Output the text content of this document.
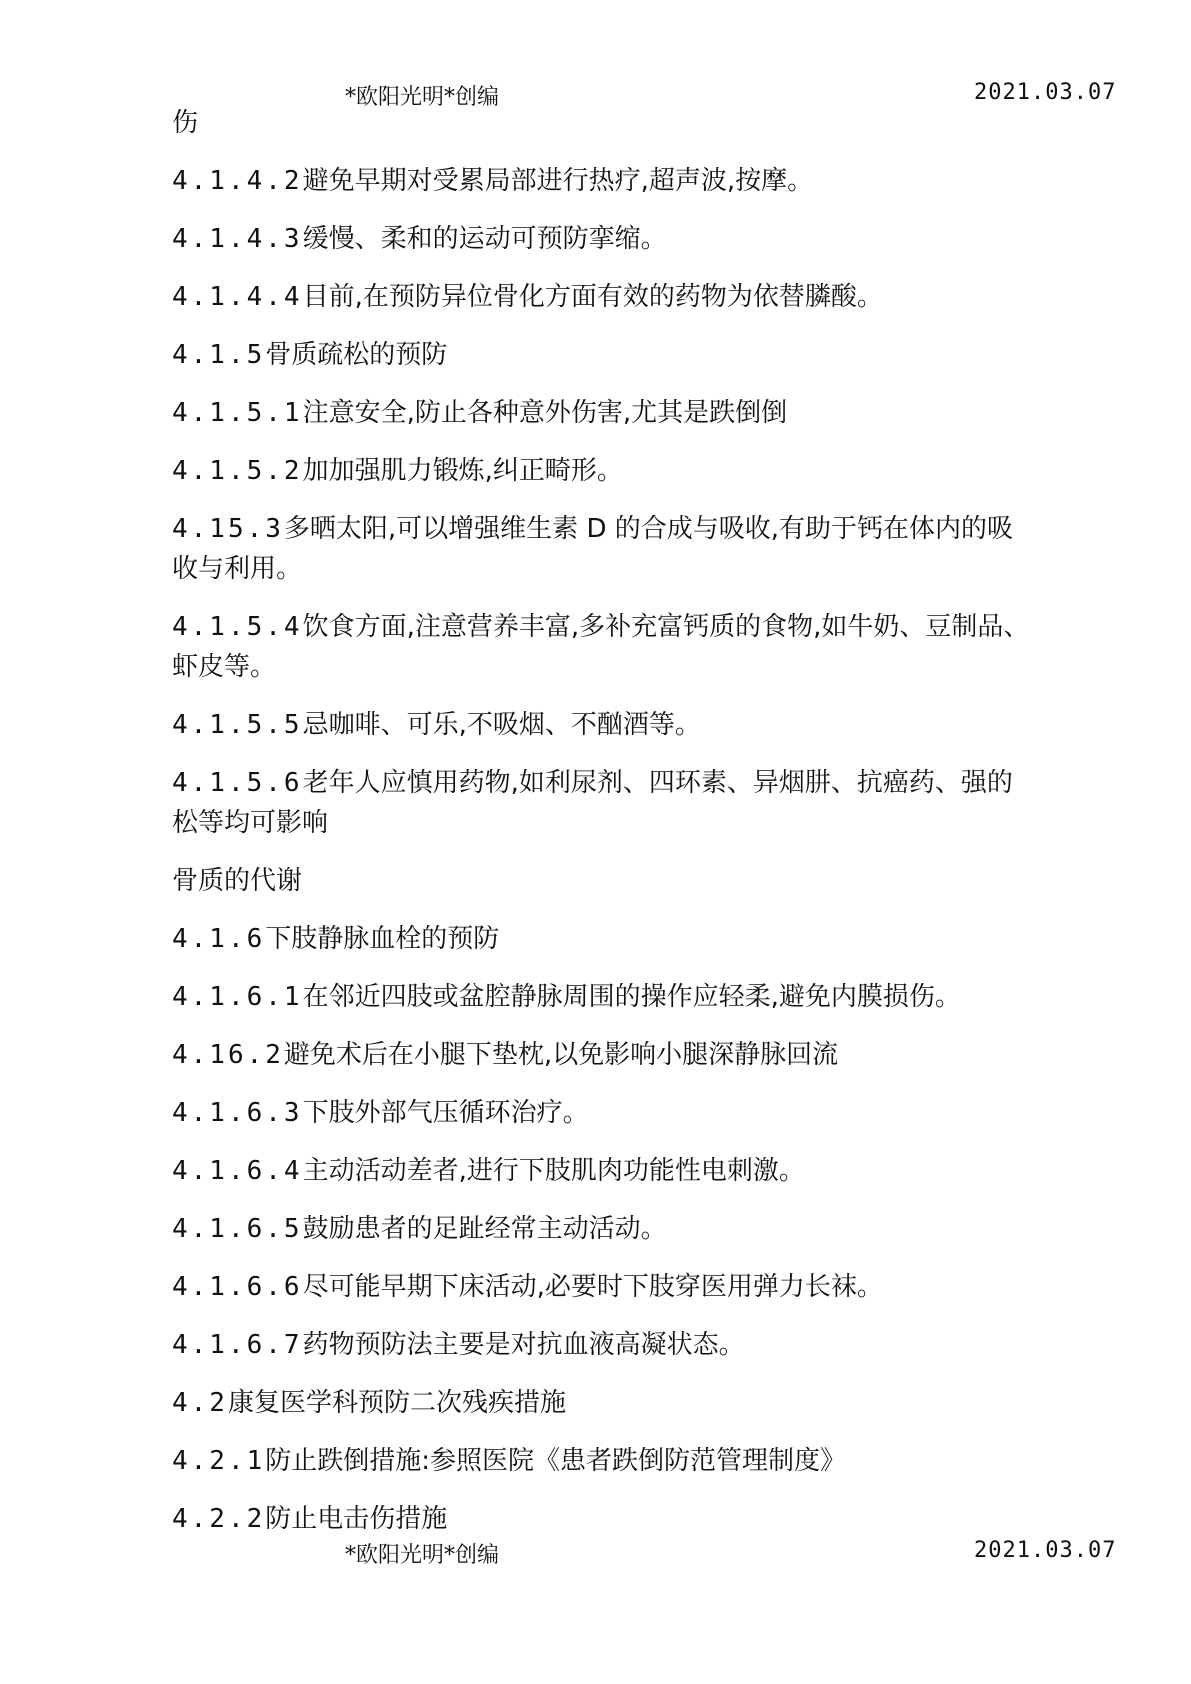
*欧阳光明*创编	2021.03.07
伤
4.1.4.2避免早期对受累局部进行热疗,超声波,按摩。
4.1.4.3缓慢、柔和的运动可预防挛缩。
4.1.4.4目前,在预防异位骨化方面有效的药物为依替膦酸。
4.1.5骨质疏松的预防
4.1.5.1注意安全,防止各种意外伤害,尤其是跌倒倒
4.1.5.2加加强肌力锻炼,纠正畸形。
4.15.3多晒太阳,可以增强维生素 D 的合成与吸收,有助于钙在体内的吸收与利用。
4.1.5.4饮食方面,注意营养丰富,多补充富钙质的食物,如牛奶、豆制品、虾皮等。
4.1.5.5忌咖啡、可乐,不吸烟、不酗酒等。
4.1.5.6老年人应慎用药物,如利尿剂、四环素、异烟肼、抗癌药、强的松等均可影响
骨质的代谢
4.1.6下肢静脉血栓的预防
4.1.6.1在邻近四肢或盆腔静脉周围的操作应轻柔,避免内膜损伤。
4.16.2避免术后在小腿下垫枕,以免影响小腿深静脉回流
4.1.6.3下肢外部气压循环治疗。
4.1.6.4主动活动差者,进行下肢肌肉功能性电刺激。
4.1.6.5鼓励患者的足趾经常主动活动。
4.1.6.6尽可能早期下床活动,必要时下肢穿医用弹力长袜。
4.1.6.7药物预防法主要是对抗血液高凝状态。
4.2康复医学科预防二次残疾措施
4.2.1防止跌倒措施:参照医院《患者跌倒防范管理制度》
4.2.2防止电击伤措施
*欧阳光明*创编	2021.03.07
